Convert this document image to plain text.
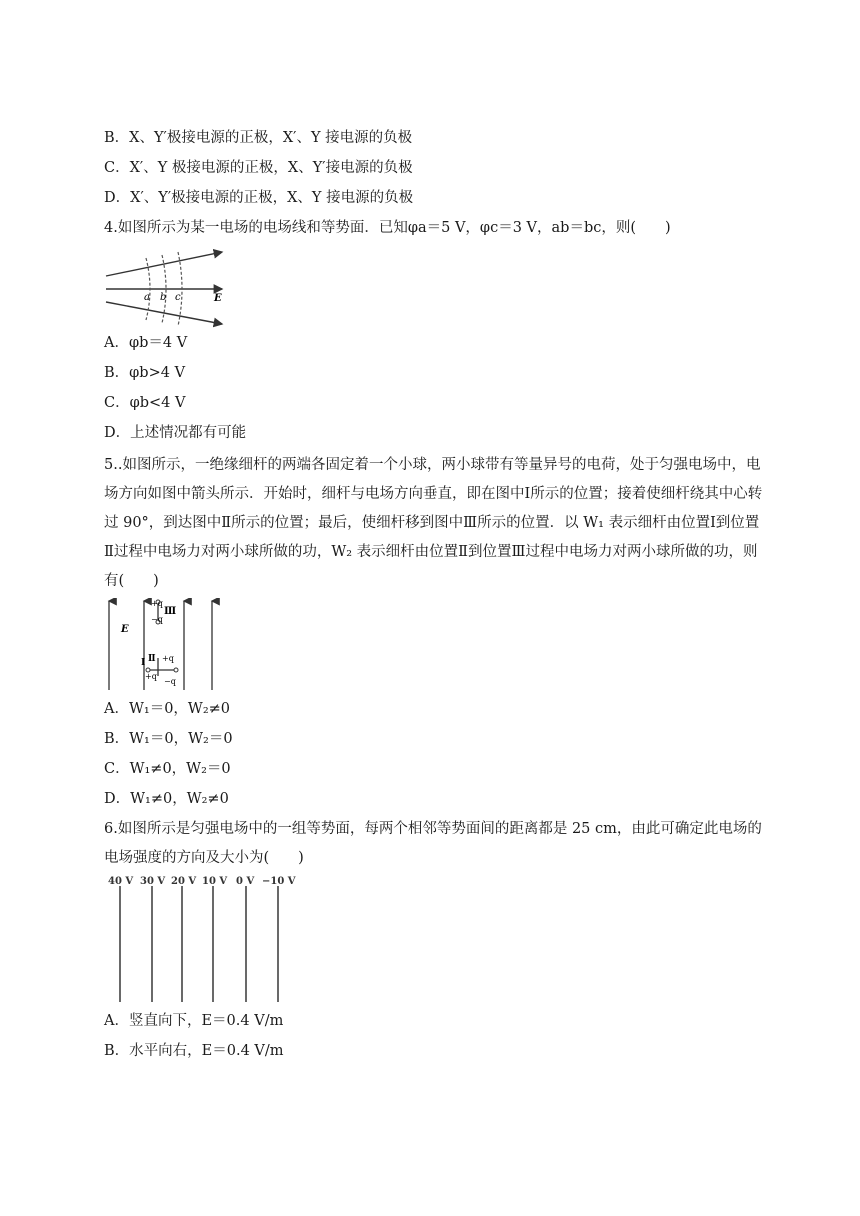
B．X、Y′极接电源的正极，X′、Y 接电源的负极
C．X′、Y 极接电源的正极，X、Y′接电源的负极
D．X′、Y′极接电源的正极，X、Y 接电源的负极
4.如图所示为某一电场的电场线和等势面．已知φa＝5 V，φc＝3 V，ab＝bc，则(　　)
a b c	E
A．φb＝4 V
B．φb>4 V
C．φb<4 V
D．上述情况都有可能
5..如图所示，一绝缘细杆的两端各固定着一个小球，两小球带有等量异号的电荷，处于匀强电场中，电场方向如图中箭头所示．开始时，细杆与电场方向垂直，即在图中Ⅰ所示的位置；接着使细杆绕其中心转过 90°，到达图中Ⅱ所示的位置；最后，使细杆移到图中Ⅲ所示的位置．以 W₁ 表示细杆由位置Ⅰ到位置Ⅱ过程中电场力对两小球所做的功，W₂ 表示细杆由位置Ⅱ到位置Ⅲ过程中电场力对两小球所做的功，则有(　　)
+q
−q
Ⅲ
Ⅱ +q
Ⅰ
+q
−q
E
A．W₁＝0，W₂≠0
B．W₁＝0，W₂＝0
C．W₁≠0，W₂＝0
D．W₁≠0，W₂≠0
6.如图所示是匀强电场中的一组等势面，每两个相邻等势面间的距离都是 25 cm，由此可确定此电场的电场强度的方向及大小为(　　)
40 V 30 V 20 V 10 V 0 V −10 V
A．竖直向下，E＝0.4 V/m
B．水平向右，E＝0.4 V/m
